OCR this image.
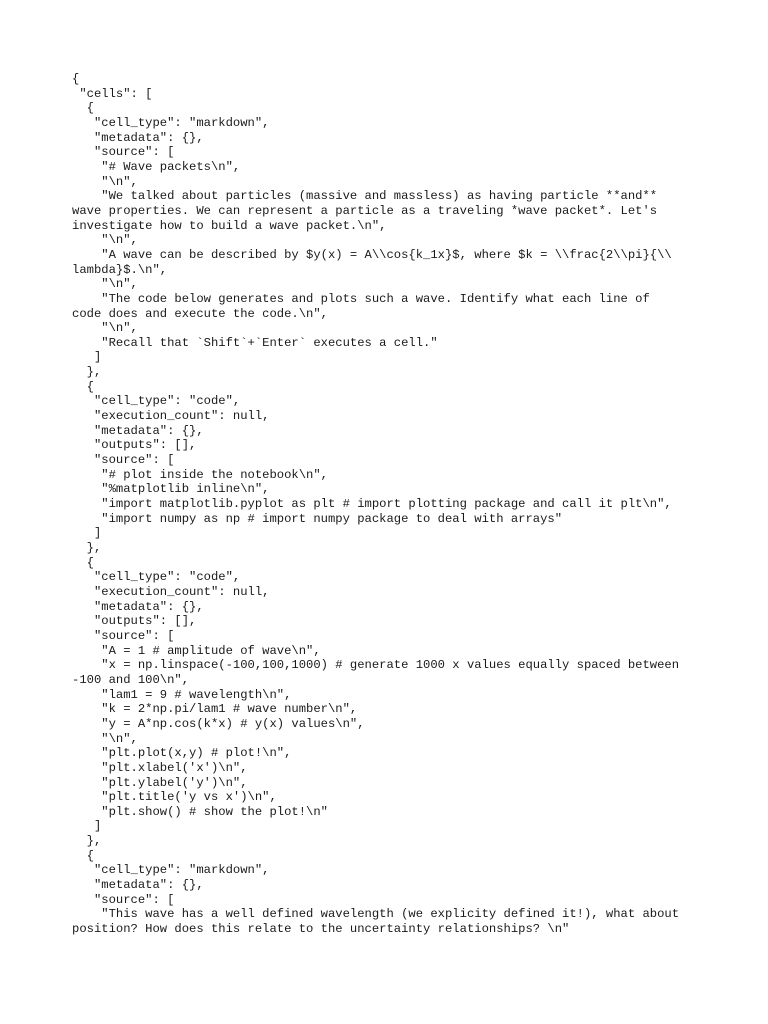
{
"cells": [
{
"cell_type": "markdown",
"metadata": {},
"source": [
"# Wave packets\n",
"\n",
"We talked about particles (massive and massless) as having particle **and**
wave properties. We can represent a particle as a traveling *wave packet*. Let's
investigate how to build a wave packet.\n",
"\n",
"A wave can be described by $y(x) = A\\cos{k_1x}$, where $k = \\frac{2\\pi}{\\
lambda}$.\n",
"\n",
"The code below generates and plots such a wave. Identify what each line of
code does and execute the code.\n",
"\n",
"Recall that `Shift`+`Enter` executes a cell."
]
},
{
"cell_type": "code",
"execution_count": null,
"metadata": {},
"outputs": [],
"source": [
"# plot inside the notebook\n",
"%matplotlib inline\n",
"import matplotlib.pyplot as plt # import plotting package and call it plt\n",
"import numpy as np # import numpy package to deal with arrays"
]
},
{
"cell_type": "code",
"execution_count": null,
"metadata": {},
"outputs": [],
"source": [
"A = 1 # amplitude of wave\n",
"x = np.linspace(-100,100,1000) # generate 1000 x values equally spaced between
-100 and 100\n",
"lam1 = 9 # wavelength\n",
"k = 2*np.pi/lam1 # wave number\n",
"y = A*np.cos(k*x) # y(x) values\n",
"\n",
"plt.plot(x,y) # plot!\n",
"plt.xlabel('x')\n",
"plt.ylabel('y')\n",
"plt.title('y vs x')\n",
"plt.show() # show the plot!\n"
]
},
{
"cell_type": "markdown",
"metadata": {},
"source": [
"This wave has a well defined wavelength (we explicity defined it!), what about
position? How does this relate to the uncertainty relationships? \n"
